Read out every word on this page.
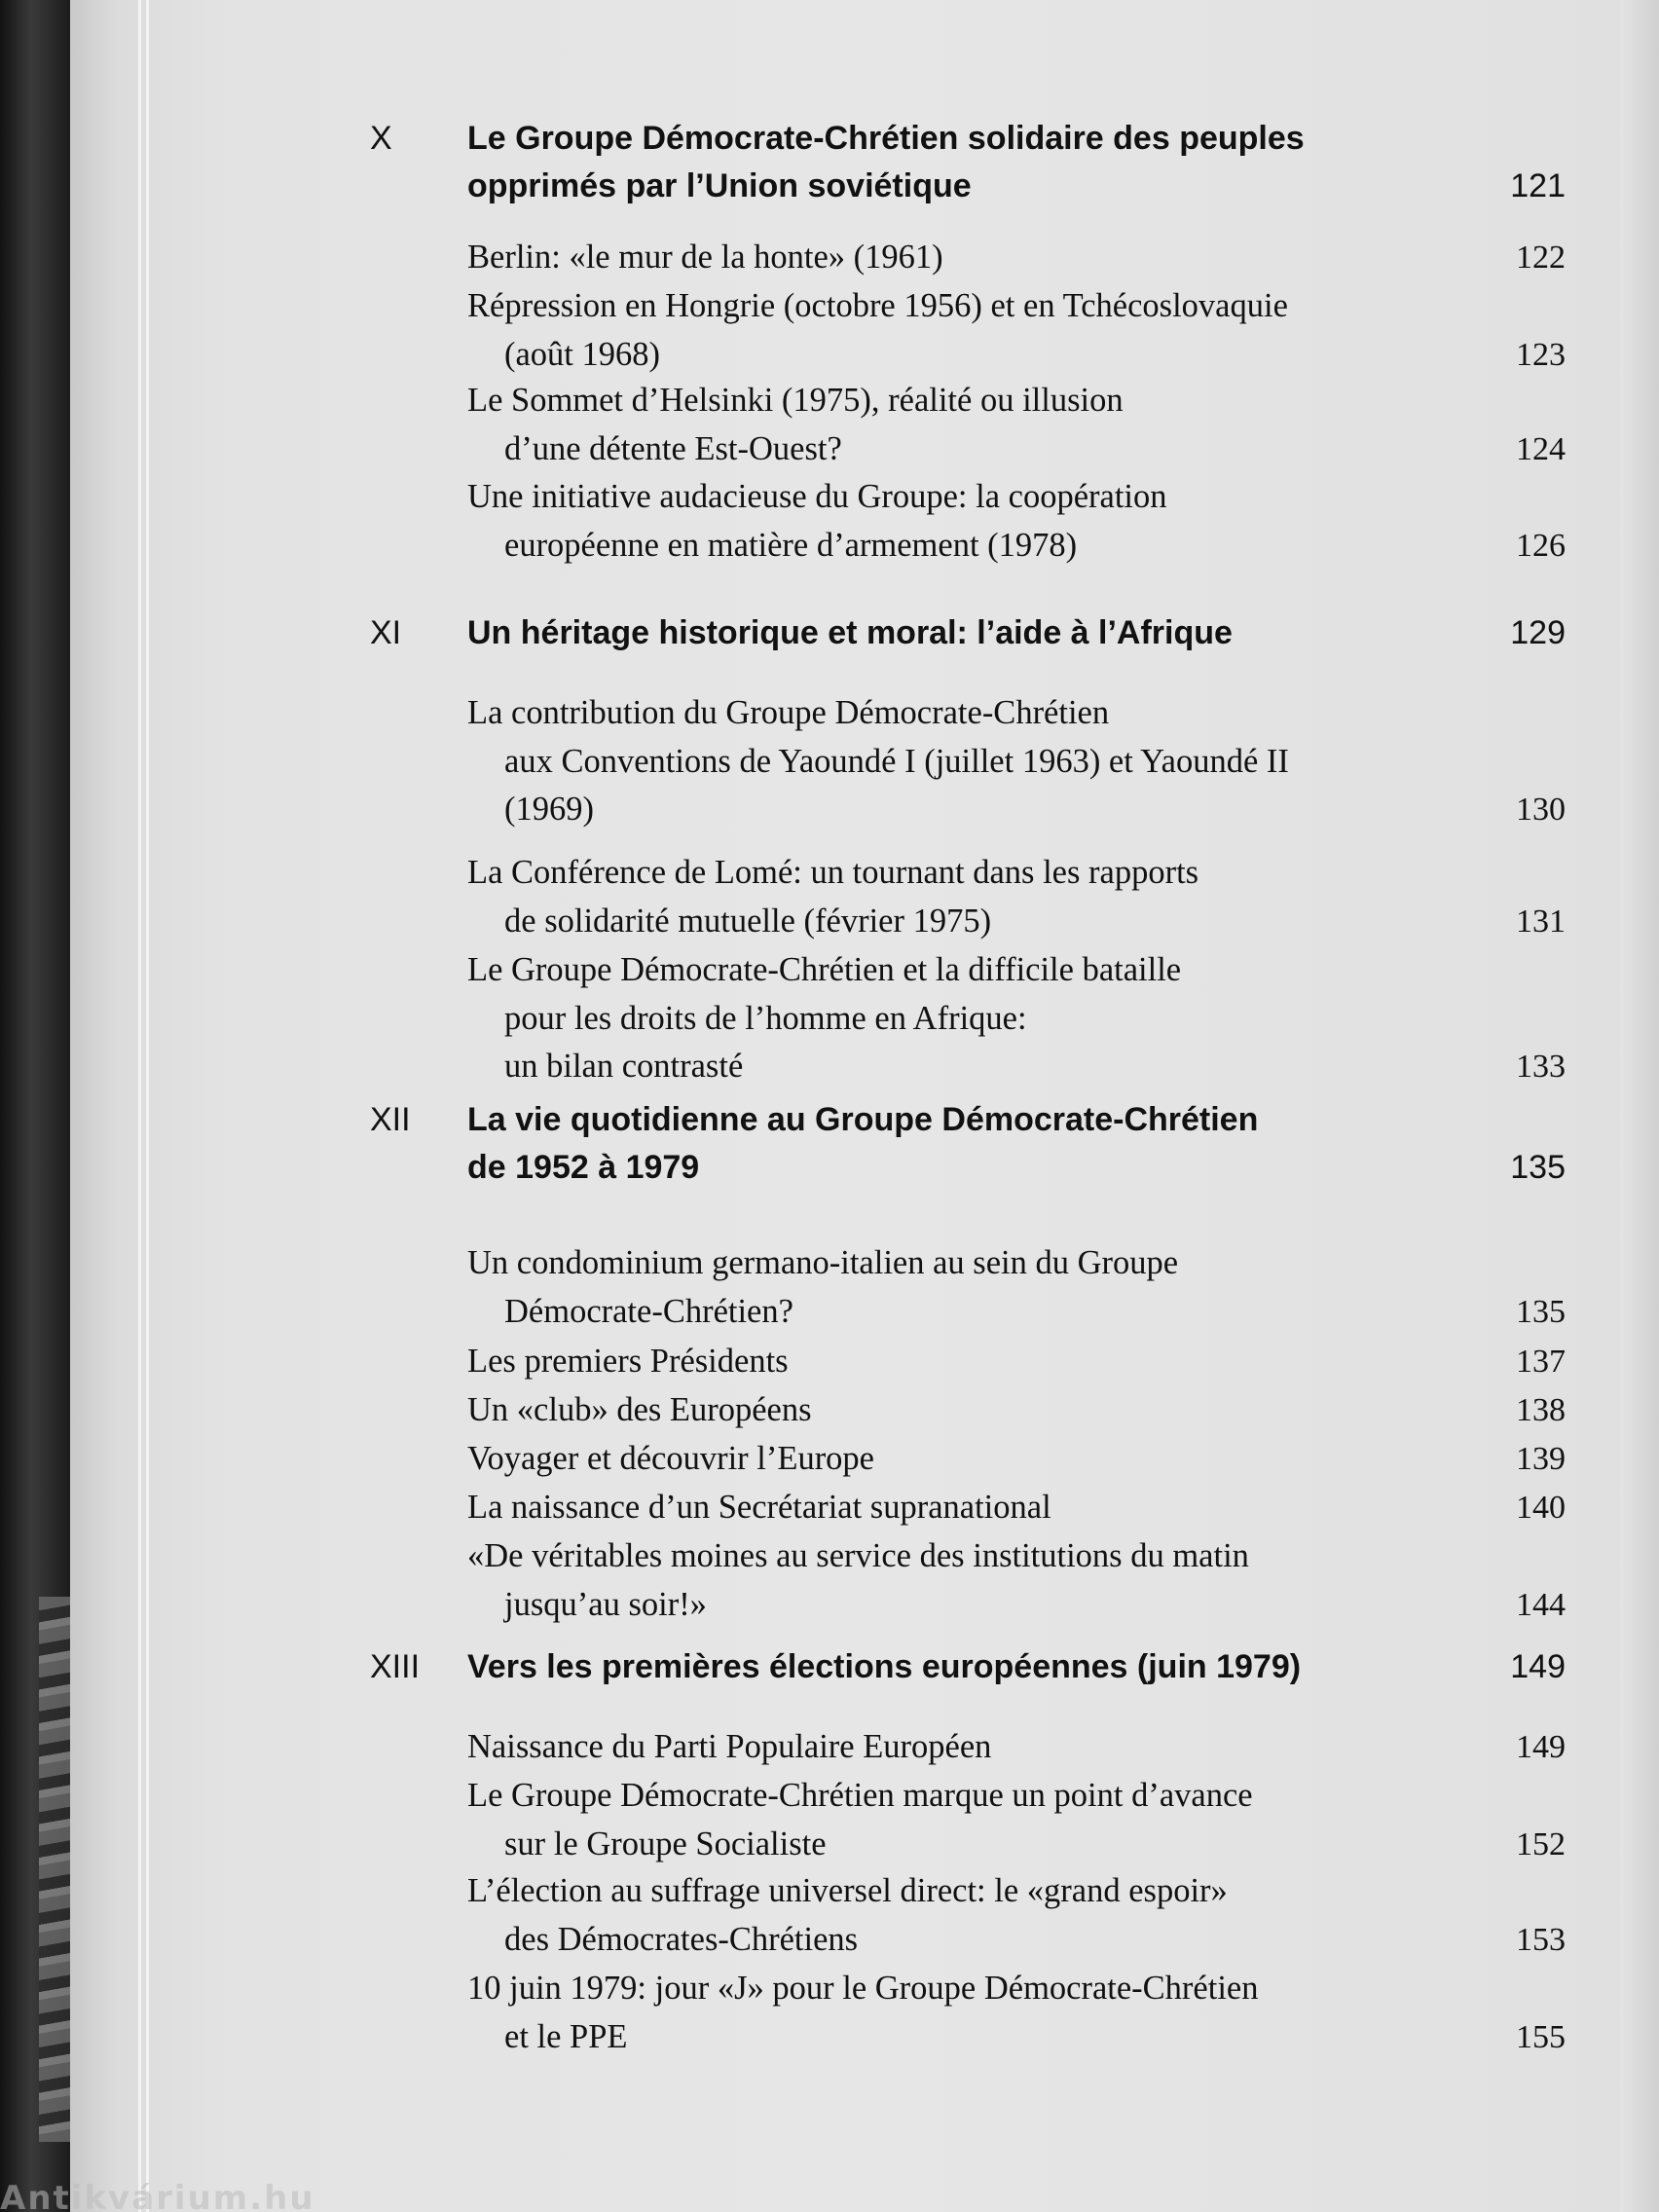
Antikvárium.hu
X	Le Groupe Démocrate-Chrétien solidaire des peuples
opprimés par l’Union soviétique	121
Berlin: «le mur de la honte» (1961)	122
Répression en Hongrie (octobre 1956) et en Tchécoslovaquie
(août 1968)	123
Le Sommet d’Helsinki (1975), réalité ou illusion
d’une détente Est-Ouest?	124
Une initiative audacieuse du Groupe: la coopération
européenne en matière d’armement (1978)	126
XI	Un héritage historique et moral: l’aide à l’Afrique	129
La contribution du Groupe Démocrate-Chrétien
aux Conventions de Yaoundé I (juillet 1963) et Yaoundé II
(1969)	130
La Conférence de Lomé: un tournant dans les rapports
de solidarité mutuelle (février 1975)	131
Le Groupe Démocrate-Chrétien et la difficile bataille
pour les droits de l’homme en Afrique:
un bilan contrasté	133
XII	La vie quotidienne au Groupe Démocrate-Chrétien
de 1952 à 1979	135
Un condominium germano-italien au sein du Groupe
Démocrate-Chrétien?	135
Les premiers Présidents	137
Un «club» des Européens	138
Voyager et découvrir l’Europe	139
La naissance d’un Secrétariat supranational	140
«De véritables moines au service des institutions du matin
jusqu’au soir!»	144
XIII	Vers les premières élections européennes (juin 1979)	149
Naissance du Parti Populaire Européen	149
Le Groupe Démocrate-Chrétien marque un point d’avance
sur le Groupe Socialiste	152
L’élection au suffrage universel direct: le «grand espoir»
des Démocrates-Chrétiens	153
10 juin 1979: jour «J» pour le Groupe Démocrate-Chrétien
et le PPE	155
